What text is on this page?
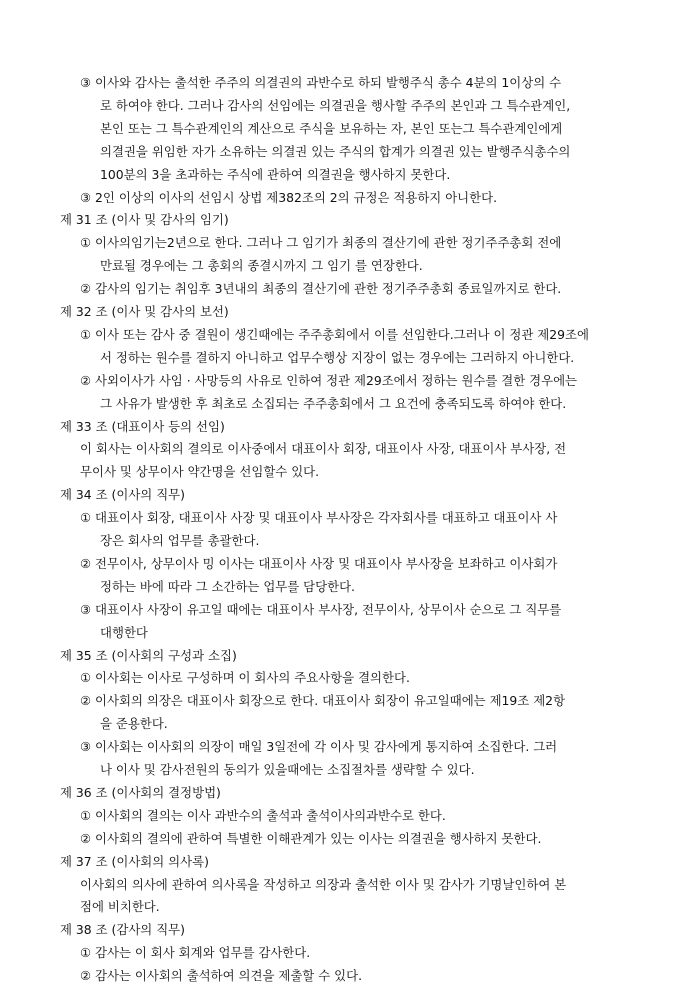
③ 이사와 감사는 출석한 주주의 의결권의 과반수로 하되 발행주식 총수 4분의 1이상의 수
로 하여야 한다. 그러나 감사의 선임에는 의결권을 행사할 주주의 본인과 그 특수관계인,
본인 또는 그 특수관계인의 계산으로 주식을 보유하는 자, 본인 또는그 특수관계인에게
의결권을 위임한 자가 소유하는 의결권 있는 주식의 합계가 의결권 있는 발행주식총수의
100분의 3을 초과하는 주식에 관하여 의결권을 행사하지 못한다.
③ 2인 이상의 이사의 선임시 상법 제382조의 2의 규정은 적용하지 아니한다.
제 31 조 (이사 및 감사의 임기)
① 이사의임기는2년으로 한다. 그러나 그 임기가 최종의 결산기에 관한 정기주주총회 전에
만료될 경우에는 그 총회의 종결시까지 그 임기 를 연장한다.
② 감사의 임기는 취임후 3년내의 최종의 결산기에 관한 정기주주총회 종료일까지로 한다.
제 32 조 (이사 및 감사의 보선)
① 이사 또는 감사 중 결원이 생긴때에는 주주총회에서 이를 선임한다.그러나 이 정관 제29조에
서 정하는 원수를 결하지 아니하고 업무수행상 지장이 없는 경우에는 그러하지 아니한다.
② 사외이사가 사임 · 사망등의 사유로 인하여 정관 제29조에서 정하는 원수를 결한 경우에는
그 사유가 발생한 후 최초로 소집되는 주주총회에서 그 요건에 충족되도록 하여야 한다.
제 33 조 (대표이사 등의 선임)
이 회사는 이사회의 결의로 이사중에서 대표이사 회장, 대표이사 사장, 대표이사 부사장, 전
무이사 및 상무이사 약간명을 선임할수 있다.
제 34 조 (이사의 직무)
① 대표이사 회장, 대표이사 사장 및 대표이사 부사장은 각자회사를 대표하고 대표이사 사
장은 회사의 업무를 총괄한다.
② 전무이사, 상무이사 밍 이사는 대표이사 사장 및 대표이사 부사장을 보좌하고 이사회가
정하는 바에 따라 그 소간하는 업무를 담당한다.
③ 대표이사 사장이 유고일 때에는 대표이사 부사장, 전무이사, 상무이사 순으로 그 직무를
대행한다
제 35 조 (이사회의 구성과 소집)
① 이사회는 이사로 구성하며 이 회사의 주요사항을 결의한다.
② 이사회의 의장은 대표이사 회장으로 한다. 대표이사 회장이 유고일때에는 제19조 제2항
을 준용한다.
③ 이사회는 이사회의 의장이 매일 3일전에 각 이사 및 감사에게 통지하여 소집한다. 그러
나 이사 및 감사전원의 동의가 있을때에는 소집절차를 생략할 수 있다.
제 36 조 (이사회의 결정방법)
① 이사회의 결의는 이사 과반수의 출석과 출석이사의과반수로 한다.
② 이사회의 결의에 관하여 특별한 이해관계가 있는 이사는 의결권을 행사하지 못한다.
제 37 조 (이사회의 의사록)
이사회의 의사에 관하여 의사록을 작성하고 의장과 출석한 이사 및 감사가 기명날인하여 본
점에 비치한다.
제 38 조 (감사의 직무)
① 감사는 이 회사 회계와 업무를 감사한다.
② 감사는 이사회의 출석하여 의견을 제출할 수 있다.
